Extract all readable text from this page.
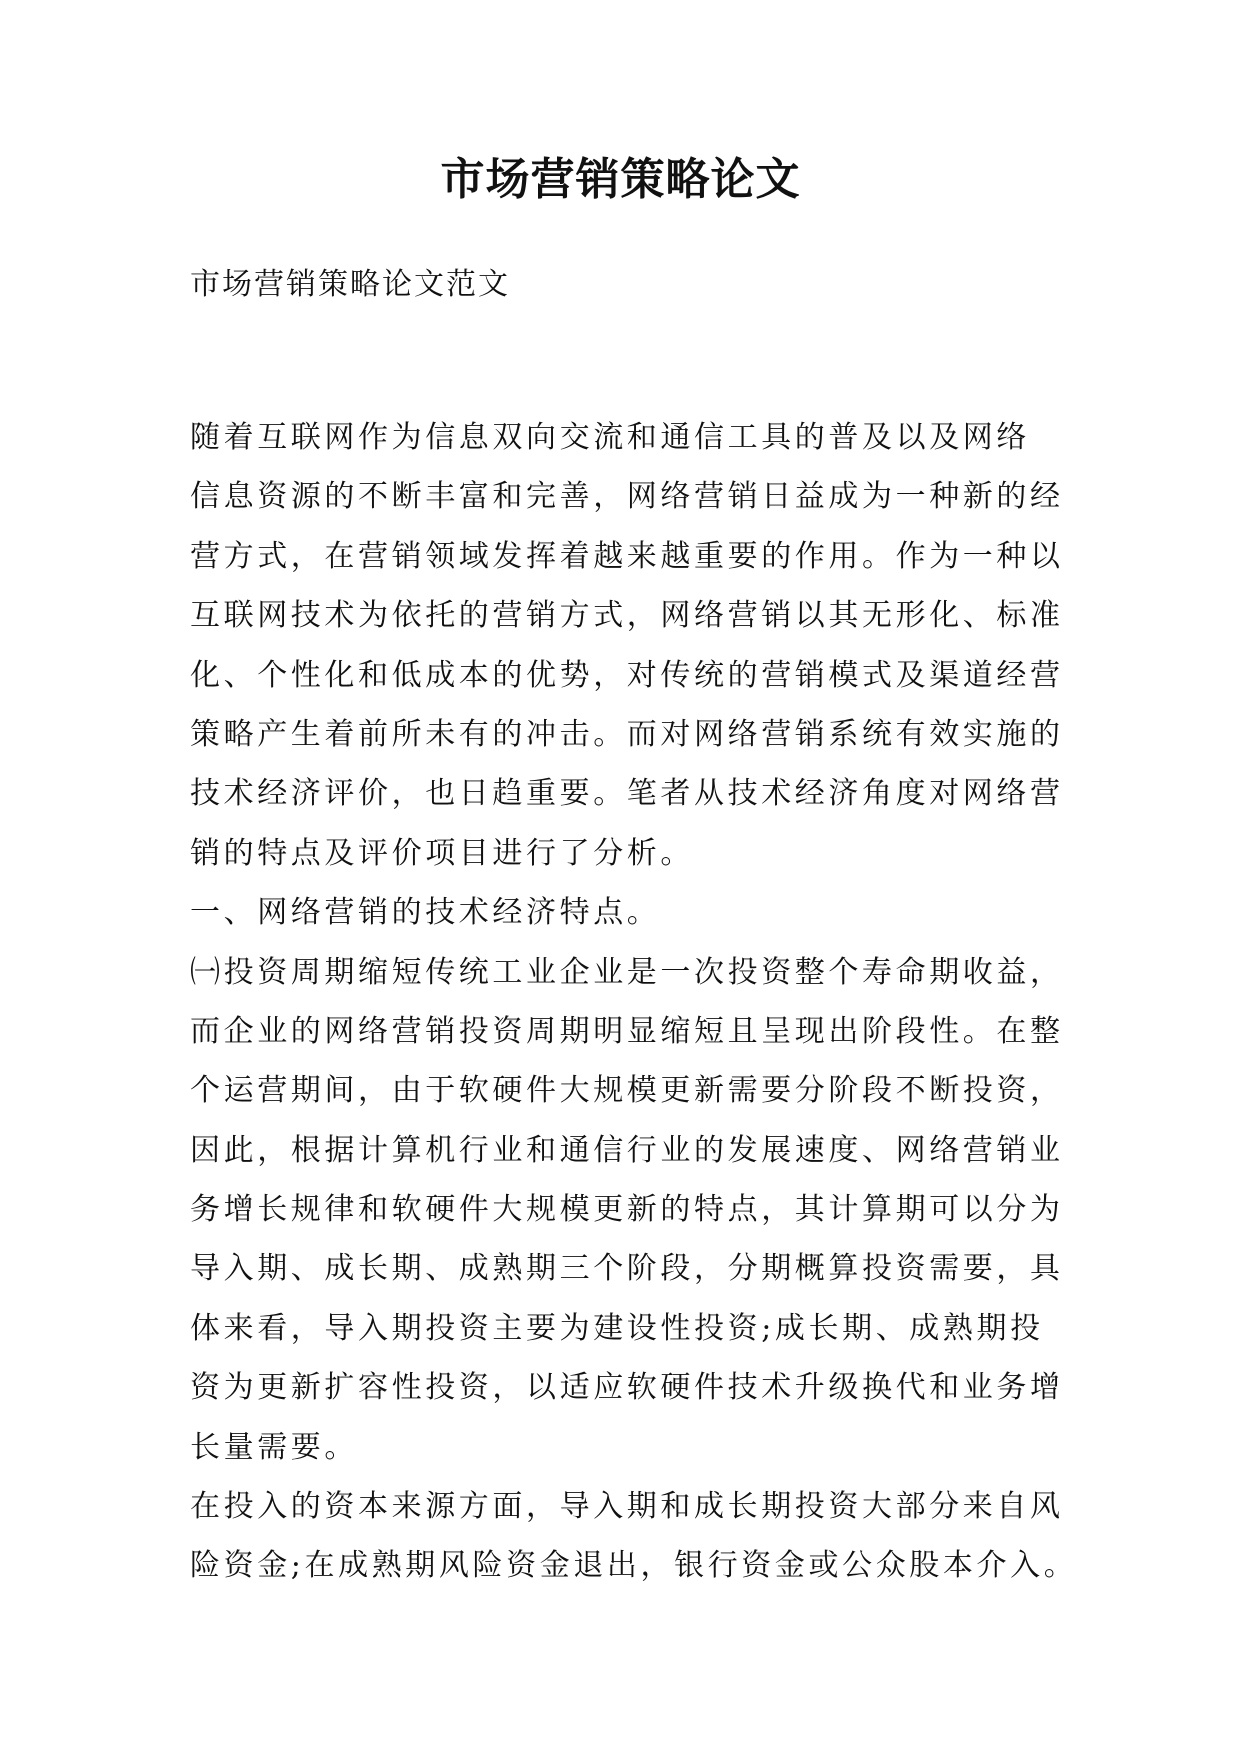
市场营销策略论文

市场营销策略论文范文

随着互联网作为信息双向交流和通信工具的普及以及网络
信息资源的不断丰富和完善，网络营销日益成为一种新的经
营方式，在营销领域发挥着越来越重要的作用。作为一种以
互联网技术为依托的营销方式，网络营销以其无形化、标准
化、个性化和低成本的优势，对传统的营销模式及渠道经营
策略产生着前所未有的冲击。而对网络营销系统有效实施的
技术经济评价，也日趋重要。笔者从技术经济角度对网络营
销的特点及评价项目进行了分析。
一、网络营销的技术经济特点。
㈠投资周期缩短传统工业企业是一次投资整个寿命期收益，
而企业的网络营销投资周期明显缩短且呈现出阶段性。在整
个运营期间，由于软硬件大规模更新需要分阶段不断投资，
因此，根据计算机行业和通信行业的发展速度、网络营销业
务增长规律和软硬件大规模更新的特点，其计算期可以分为
导入期、成长期、成熟期三个阶段，分期概算投资需要，具
体来看，导入期投资主要为建设性投资;成长期、成熟期投
资为更新扩容性投资，以适应软硬件技术升级换代和业务增
长量需要。
在投入的资本来源方面，导入期和成长期投资大部分来自风
险资金;在成熟期风险资金退出，银行资金或公众股本介入。
